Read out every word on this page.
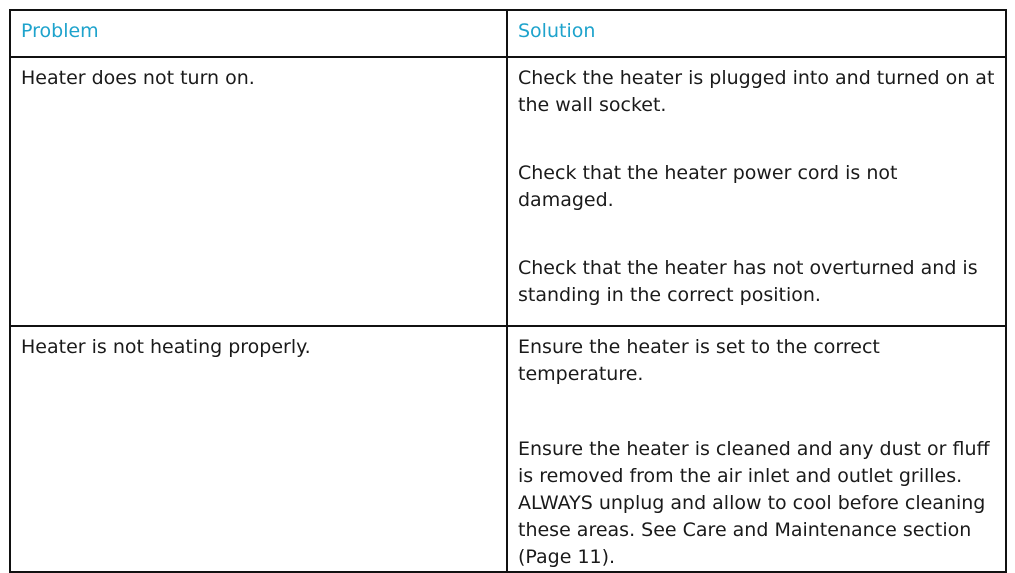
Problem	Solution
Heater does not turn on.	Check the heater is plugged into and turned on at the wall socket.

Check that the heater power cord is not damaged.

Check that the heater has not overturned and is standing in the correct position.

Heater is not heating properly.	Ensure the heater is set to the correct temperature.

Ensure the heater is cleaned and any dust or fluff is removed from the air inlet and outlet grilles. ALWAYS unplug and allow to cool before cleaning these areas. See Care and Maintenance section (Page 11).
